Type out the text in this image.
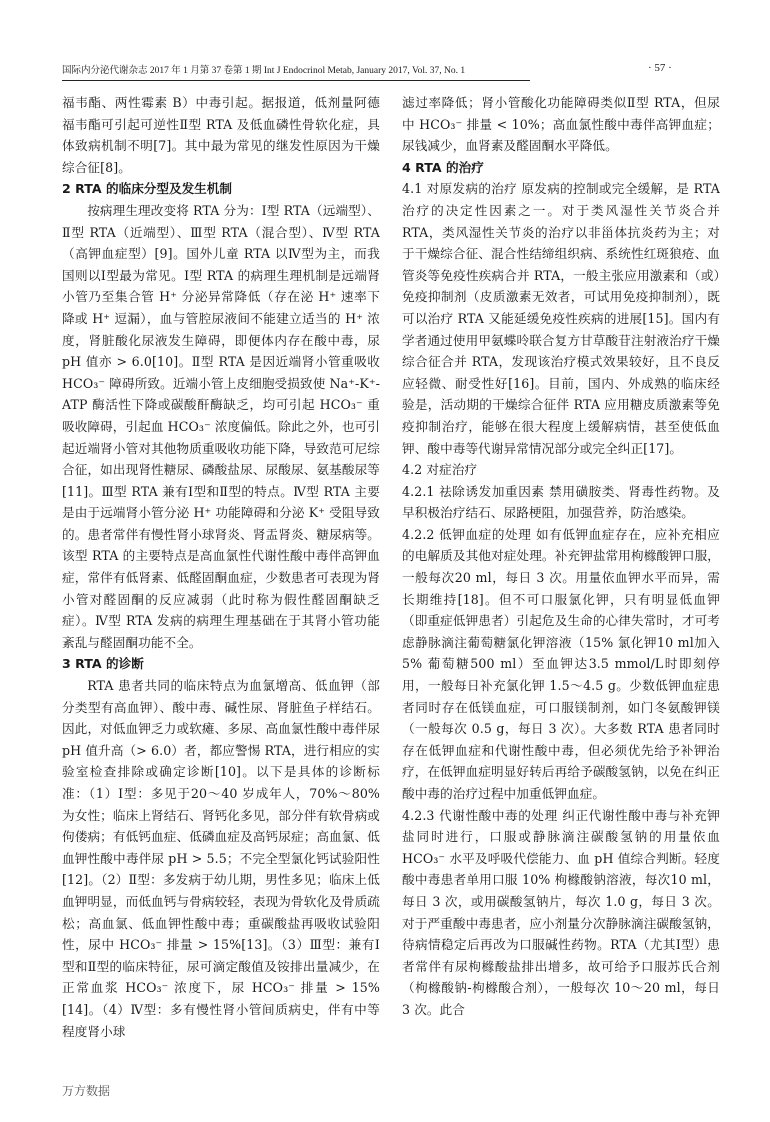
国际内分泌代谢杂志 2017 年 1 月第 37 卷第 1 期 Int J Endocrinol Metab, January 2017, Vol. 37, No. 1	· 57 ·

福韦酯、两性霉素 B）中毒引起。据报道，低剂量阿德福韦酯可引起可逆性Ⅱ型 RTA 及低血磷性骨软化症，具体致病机制不明[7]。其中最为常见的继发性原因为干燥综合征[8]。

2 RTA 的临床分型及发生机制

按病理生理改变将 RTA 分为：Ⅰ型 RTA（远端型）、Ⅱ型 RTA（近端型）、Ⅲ型 RTA（混合型）、Ⅳ型 RTA（高钾血症型）[9]。国外儿童 RTA 以Ⅳ型为主，而我国则以Ⅰ型最为常见。Ⅰ型 RTA 的病理生理机制是远端肾小管乃至集合管 H⁺ 分泌异常降低（存在泌 H⁺ 速率下降或 H⁺ 逗漏），血与管腔尿液间不能建立适当的 H⁺ 浓度，肾脏酸化尿液发生障碍，即便体内存在酸中毒，尿 pH 值亦 > 6.0[10]。Ⅱ型 RTA 是因近端肾小管重吸收 HCO₃⁻ 障碍所致。近端小管上皮细胞受损致使 Na⁺-K⁺-ATP 酶活性下降或碳酸酐酶缺乏，均可引起 HCO₃⁻ 重吸收障碍，引起血 HCO₃⁻ 浓度偏低。除此之外，也可引起近端肾小管对其他物质重吸收功能下降，导致范可尼综合征，如出现肾性糖尿、磷酸盐尿、尿酸尿、氨基酸尿等[11]。Ⅲ型 RTA 兼有Ⅰ型和Ⅱ型的特点。Ⅳ型 RTA 主要是由于远端肾小管分泌 H⁺ 功能障碍和分泌 K⁺ 受阻导致的。患者常伴有慢性肾小球肾炎、肾盂肾炎、糖尿病等。该型 RTA 的主要特点是高血氯性代谢性酸中毒伴高钾血症，常伴有低肾素、低醛固酮血症，少数患者可表现为肾小管对醛固酮的反应减弱（此时称为假性醛固酮缺乏症）。Ⅳ型 RTA 发病的病理生理基础在于其肾小管功能紊乱与醛固酮功能不全。

3 RTA 的诊断

RTA 患者共同的临床特点为血氯增高、低血钾（部分类型有高血钾）、酸中毒、碱性尿、肾脏鱼子样结石。因此，对低血钾乏力或软瘫、多尿、高血氯性酸中毒伴尿 pH 值升高（> 6.0）者，都应警惕 RTA，进行相应的实验室检查排除或确定诊断[10]。以下是具体的诊断标准：（1）Ⅰ型：多见于20～40 岁成年人，70%～80% 为女性；临床上肾结石、肾钙化多见，部分伴有软骨病或佝偻病；有低钙血症、低磷血症及高钙尿症；高血氯、低血钾性酸中毒伴尿 pH > 5.5；不完全型氯化钙试验阳性[12]。（2）Ⅱ型：多发病于幼儿期，男性多见；临床上低血钾明显，而低血钙与骨病较轻，表现为骨软化及骨质疏松；高血氯、低血钾性酸中毒；重碳酸盐再吸收试验阳性，尿中 HCO₃⁻ 排量 > 15%[13]。（3）Ⅲ型：兼有Ⅰ型和Ⅱ型的临床特征，尿可滴定酸值及铵排出量减少，在正常血浆 HCO₃⁻ 浓度下，尿 HCO₃⁻ 排量 > 15%[14]。（4）Ⅳ型：多有慢性肾小管间质病史，伴有中等程度肾小球

滤过率降低；肾小管酸化功能障碍类似Ⅱ型 RTA，但尿中 HCO₃⁻ 排量 < 10%；高血氯性酸中毒伴高钾血症；尿钱减少，血肾素及醛固酮水平降低。

4 RTA 的治疗

4.1 对原发病的治疗 原发病的控制或完全缓解，是 RTA 治疗的决定性因素之一。对于类风湿性关节炎合并 RTA，类风湿性关节炎的治疗以非甾体抗炎药为主；对于干燥综合征、混合性结缔组织病、系统性红斑狼疮、血管炎等免疫性疾病合并 RTA，一般主张应用激素和（或）免疫抑制剂（皮质激素无效者，可试用免疫抑制剂），既可以治疗 RTA 又能延缓免疫性疾病的进展[15]。国内有学者通过使用甲氨蝶呤联合复方甘草酸苷注射液治疗干燥综合征合并 RTA，发现该治疗模式效果较好，且不良反应轻微、耐受性好[16]。目前，国内、外成熟的临床经验是，活动期的干燥综合征伴 RTA 应用糖皮质激素等免疫抑制治疗，能够在很大程度上缓解病情，甚至使低血钾、酸中毒等代谢异常情况部分或完全纠正[17]。

4.2 对症治疗

4.2.1 祛除诱发加重因素 禁用磺胺类、肾毒性药物。及早积极治疗结石、尿路梗阻，加强营养，防治感染。

4.2.2 低钾血症的处理 如有低钾血症存在，应补充相应的电解质及其他对症处理。补充钾盐常用枸橼酸钾口服，一般每次20 ml，每日 3 次。用量依血钾水平而异，需长期维持[18]。但不可口服氯化钾，只有明显低血钾（即重症低钾患者）引起危及生命的心律失常时，才可考虑静脉滴注葡萄糖氯化钾溶液（15% 氯化钾10 ml加入5% 葡萄糖500 ml）至血钾达3.5 mmol/L时即刻停用，一般每日补充氯化钾 1.5～4.5 g。少数低钾血症患者同时存在低镁血症，可口服镁制剂，如门冬氨酸钾镁（一般每次 0.5 g，每日 3 次）。大多数 RTA 患者同时存在低钾血症和代谢性酸中毒，但必须优先给予补钾治疗，在低钾血症明显好转后再给予碳酸氢钠，以免在纠正酸中毒的治疗过程中加重低钾血症。

4.2.3 代谢性酸中毒的处理 纠正代谢性酸中毒与补充钾盐同时进行，口服或静脉滴注碳酸氢钠的用量依血 HCO₃⁻ 水平及呼吸代偿能力、血 pH 值综合判断。轻度酸中毒患者单用口服 10% 枸橼酸钠溶液，每次10 ml，每日 3 次，或用碳酸氢钠片，每次 1.0 g，每日 3 次。对于严重酸中毒患者，应小剂量分次静脉滴注碳酸氢钠，待病情稳定后再改为口服碱性药物。RTA（尤其Ⅰ型）患者常伴有尿枸橼酸盐排出增多，故可给予口服苏氏合剂（枸橼酸钠-枸橼酸合剂），一般每次 10～20 ml，每日 3 次。此合

万方数据
